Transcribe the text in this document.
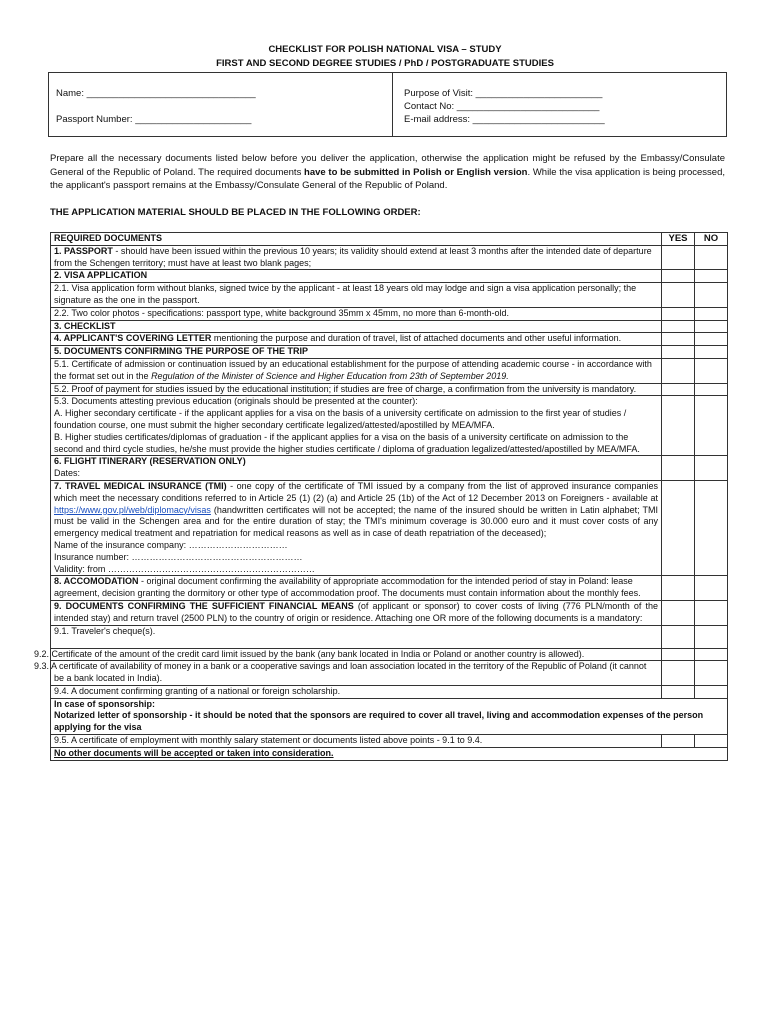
CHECKLIST FOR POLISH NATIONAL VISA – STUDY
FIRST AND SECOND DEGREE STUDIES / PhD / POSTGRADUATE STUDIES
Name: ________________________________
Passport Number: ______________________
Purpose of Visit: ________________________
Contact No: ___________________________
E-mail address: _________________________
Prepare all the necessary documents listed below before you deliver the application, otherwise the application might be refused by the Embassy/Consulate General of the Republic of Poland. The required documents have to be submitted in Polish or English version. While the visa application is being processed, the applicant's passport remains at the Embassy/Consulate General of the Republic of Poland.
THE APPLICATION MATERIAL SHOULD BE PLACED IN THE FOLLOWING ORDER:
REQUIRED DOCUMENTS	YES	NO
1. PASSPORT - should have been issued within the previous 10 years; its validity should extend at least 3 months after the intended date of departure from the Schengen territory; must have at least two blank pages;		
2. VISA APPLICATION		
2.1. Visa application form without blanks, signed twice by the applicant - at least 18 years old may lodge and sign a visa application personally; the signature as the one in the passport.		
2.2. Two color photos - specifications: passport type, white background 35mm x 45mm, no more than 6-month-old.		
3. CHECKLIST		
4. APPLICANT'S COVERING LETTER mentioning the purpose and duration of travel, list of attached documents and other useful information.		
5. DOCUMENTS CONFIRMING THE PURPOSE OF THE TRIP		
5.1. Certificate of admission or continuation issued by an educational establishment for the purpose of attending academic course - in accordance with the format set out in the Regulation of the Minister of Science and Higher Education from 23th of September 2019.		
5.2. Proof of payment for studies issued by the educational institution; if studies are free of charge, a confirmation from the university is mandatory.		

5.3. Documents attesting previous education (originals should be presented at the counter):
A. Higher secondary certificate - if the applicant applies for a visa on the basis of a university certificate on admission to the first year of studies / foundation course, one must submit the higher secondary certificate legalized/attested/apostilled by MEA/MFA.
B. Higher studies certificates/diplomas of graduation - if the applicant applies for a visa on the basis of a university certificate on admission to the second and third cycle studies, he/she must provide the higher studies certificate / diploma of graduation legalized/attested/apostilled by MEA/MFA.		

6. FLIGHT ITINERARY (RESERVATION ONLY)
Dates:		

7. TRAVEL MEDICAL INSURANCE (TMI) - one copy of the certificate of TMI issued by a company from the list of approved insurance companies which meet the necessary conditions referred to in Article 25 (1) (2) (a) and Article 25 (1b) of the Act of 12 December 2013 on Foreigners - available at https://www.gov.pl/web/diplomacy/visas (handwritten certificates will not be accepted; the name of the insured should be written in Latin alphabet; TMI must be valid in the Schengen area and for the entire duration of stay; the TMI's minimum coverage is 30.000 euro and it must cover costs of any emergency medical treatment and repatriation for medical reasons as well as in case of death repatriation of the deceased);
Name of the insurance company: ……………………………
Insurance number: …………………………………………………
Validity: from ……………………………………………………………		

8. ACCOMODATION - original document confirming the availability of appropriate accommodation for the intended period of stay in Poland: lease agreement, decision granting the dormitory or other type of accommodation proof. The documents must contain information about the monthly fees.		
9. DOCUMENTS CONFIRMING THE SUFFICIENT FINANCIAL MEANS (of applicant or sponsor) to cover costs of living (776 PLN/month of the intended stay) and return travel (2500 PLN) to the country of origin or residence. Attaching one OR more of the following documents is a mandatory:		
9.1. Traveler's cheque(s).		
9.2. Certificate of the amount of the credit card limit issued by the bank (any bank located in India or Poland or another country is allowed).		
9.3. A certificate of availability of money in a bank or a cooperative savings and loan association located in the territory of the Republic of Poland (it cannot be a bank located in India).		
9.4. A document confirming granting of a national or foreign scholarship.		

In case of sponsorship:
Notarized letter of sponsorship - it should be noted that the sponsors are required to cover all travel, living and accommodation expenses of the person applying for the visa		

9.5. A certificate of employment with monthly salary statement or documents listed above points - 9.1 to 9.4.		
No other documents will be accepted or taken into consideration.		
